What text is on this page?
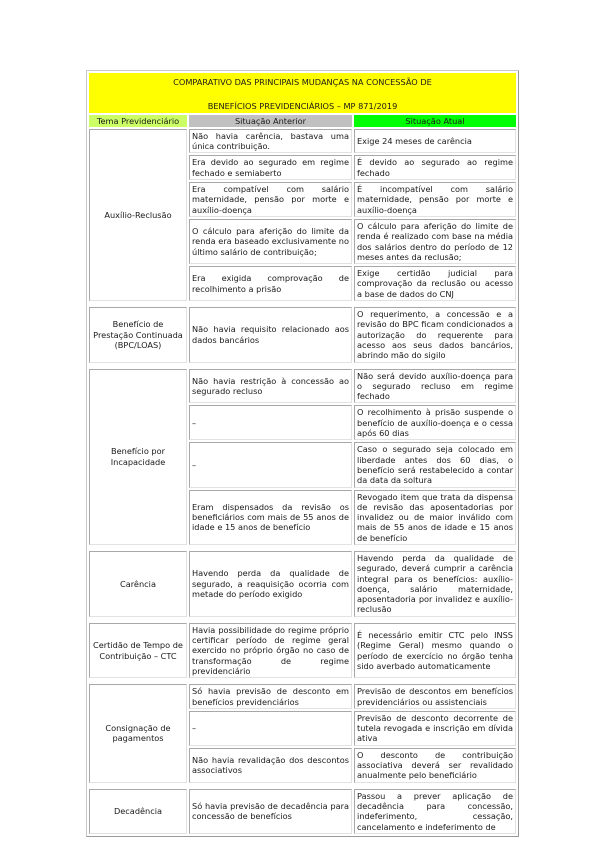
COMPARATIVO DAS PRINCIPAIS MUDANÇAS NA CONCESSÃO DE
BENEFÍCIOS PREVIDENCIÁRIOS – MP 871/2019		

Tema Previdenciário	Situação Anterior	Situação Atual
Auxílio-Reclusão	Não havia carência, bastava uma única contribuição.	Exige 24 meses de carência
	Era devido ao segurado em regime fechado e semiaberto	É devido ao segurado ao regime fechado
	Era compatível com salário maternidade, pensão por morte e auxílio-doença	É incompatível com salário maternidade, pensão por morte e auxílio-doença
	O cálculo para aferição do limite da renda era baseado exclusivamente no último salário de contribuição;	O cálculo para aferição do limite de renda é realizado com base na média dos salários dentro do período de 12 meses antes da reclusão;
	Era exigida comprovação de recolhimento a prisão	Exige certidão judicial para comprovação da reclusão ou acesso a base de dados do CNJ

Benefício de Prestação Continuada (BPC/LOAS)	Não havia requisito relacionado aos dados bancários	O requerimento, a concessão e a revisão do BPC ficam condicionados a autorização do requerente para acesso aos seus dados bancários, abrindo mão do sigilo

Benefício por Incapacidade	Não havia restrição à concessão ao segurado recluso	Não será devido auxílio-doença para o segurado recluso em regime fechado
	–	O recolhimento à prisão suspende o benefício de auxílio-doença e o cessa após 60 dias
	–	Caso o segurado seja colocado em liberdade antes dos 60 dias, o benefício será restabelecido a contar da data da soltura
	Eram dispensados da revisão os beneficiários com mais de 55 anos de idade e 15 anos de benefício	Revogado item que trata da dispensa de revisão das aposentadorias por invalidez ou de maior inválido com mais de 55 anos de idade e 15 anos de benefício

Carência	Havendo perda da qualidade de segurado, a reaquisição ocorria com metade do período exigido	Havendo perda da qualidade de segurado, deverá cumprir a carência integral para os benefícios: auxílio-doença, salário maternidade, aposentadoria por invalidez e auxílio-reclusão

Certidão de Tempo de Contribuição – CTC	Havia possibilidade do regime próprio certificar período de regime geral exercido no próprio órgão no caso de transformação de regime previdenciário	É necessário emitir CTC pelo INSS (Regime Geral) mesmo quando o período de exercício no órgão tenha sido averbado automaticamente

Consignação de pagamentos	Só havia previsão de desconto em benefícios previdenciários	Previsão de descontos em benefícios previdenciários ou assistenciais
	–	Previsão de desconto decorrente de tutela revogada e inscrição em dívida ativa
	Não havia revalidação dos descontos associativos	O desconto de contribuição associativa deverá ser revalidado anualmente pelo beneficiário

Decadência	Só havia previsão de decadência para concessão de benefícios	Passou a prever aplicação de decadência para concessão, indeferimento, cessação, cancelamento e indeferimento de
